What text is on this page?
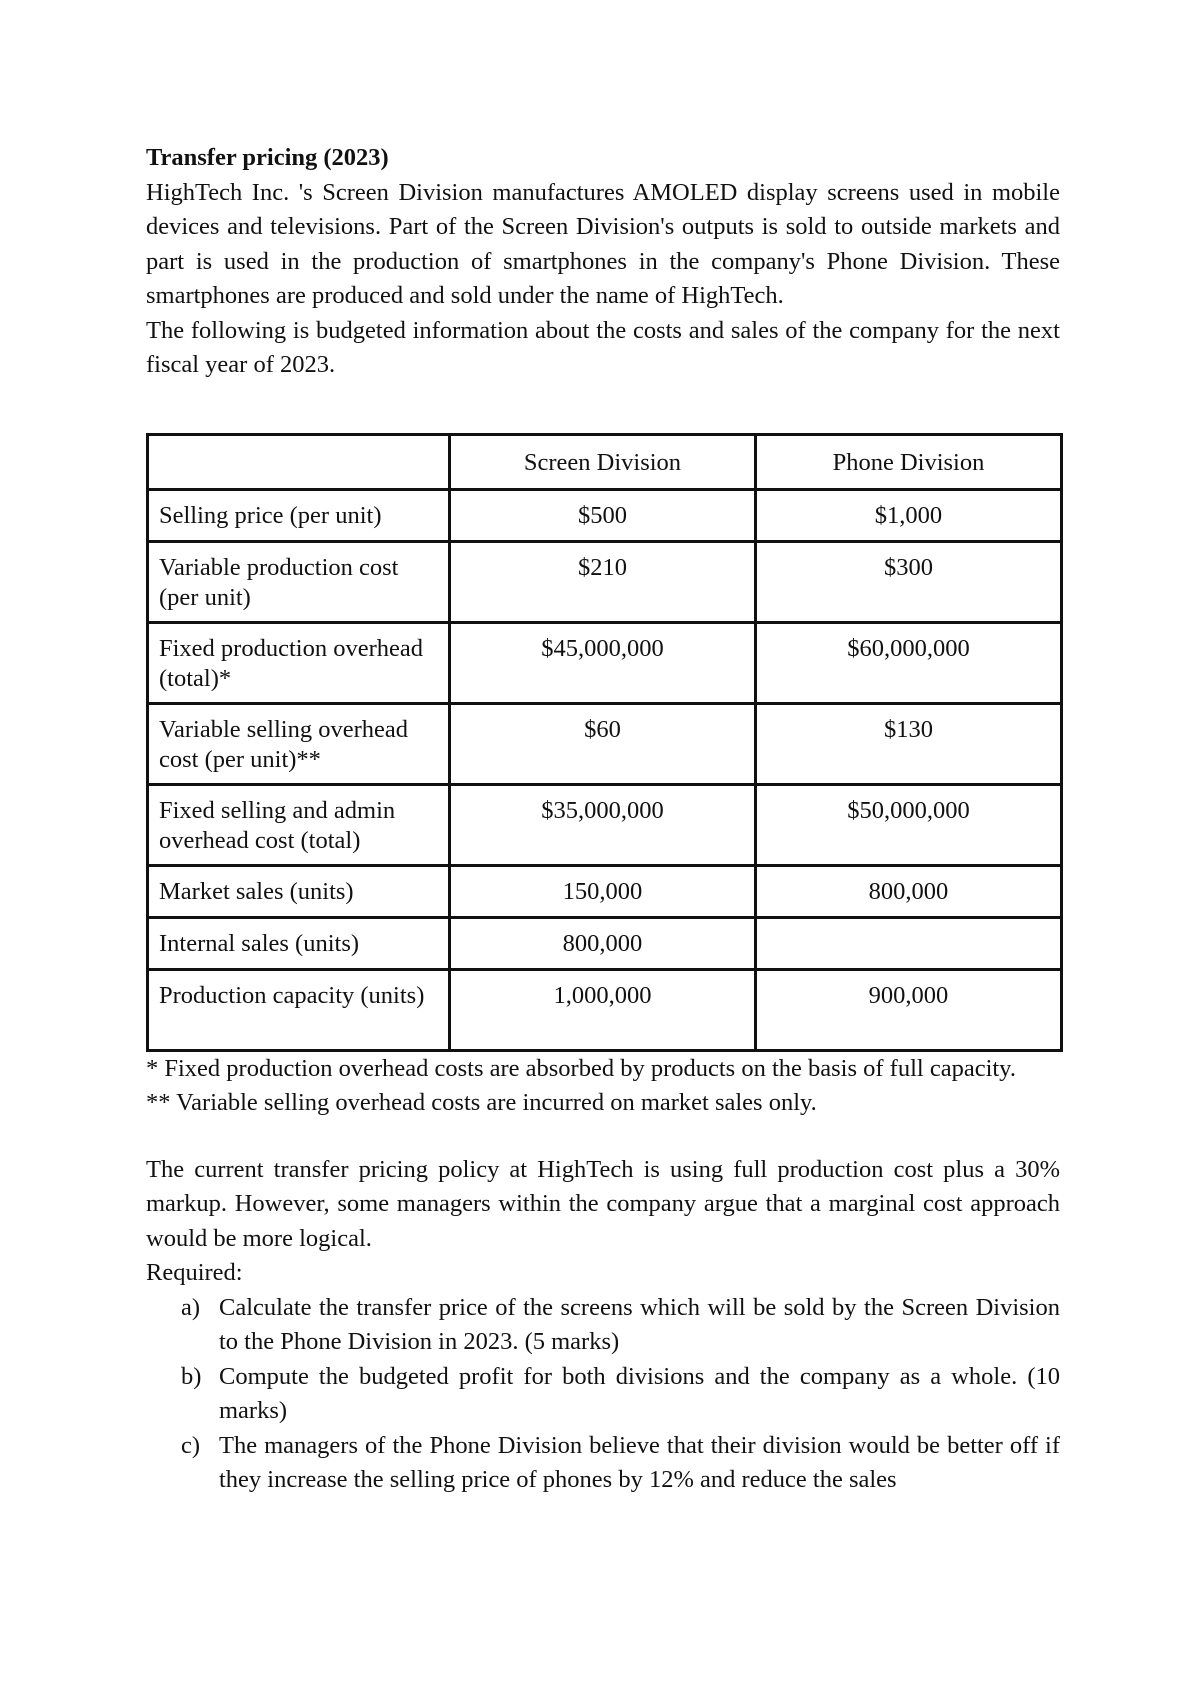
Transfer pricing (2023)

HighTech Inc. 's Screen Division manufactures AMOLED display screens used in mobile devices and televisions. Part of the Screen Division's outputs is sold to outside markets and part is used in the production of smartphones in the company's Phone Division. These smartphones are produced and sold under the name of HighTech.

The following is budgeted information about the costs and sales of the company for the next fiscal year of 2023.

	Screen Division	Phone Division
Selling price (per unit)	$500	$1,000
Variable production cost (per unit)	$210	$300
Fixed production overhead (total)*	$45,000,000	$60,000,000
Variable selling overhead cost (per unit)**	$60	$130
Fixed selling and admin overhead cost (total)	$35,000,000	$50,000,000
Market sales (units)	150,000	800,000
Internal sales (units)	800,000	
Production capacity (units)	1,000,000	900,000

* Fixed production overhead costs are absorbed by products on the basis of full capacity.

** Variable selling overhead costs are incurred on market sales only.

The current transfer pricing policy at HighTech is using full production cost plus a 30% markup. However, some managers within the company argue that a marginal cost approach would be more logical.

Required:

a) Calculate the transfer price of the screens which will be sold by the Screen Division to the Phone Division in 2023. (5 marks)
b) Compute the budgeted profit for both divisions and the company as a whole. (10 marks)
c) The managers of the Phone Division believe that their division would be better off if they increase the selling price of phones by 12% and reduce the sales
